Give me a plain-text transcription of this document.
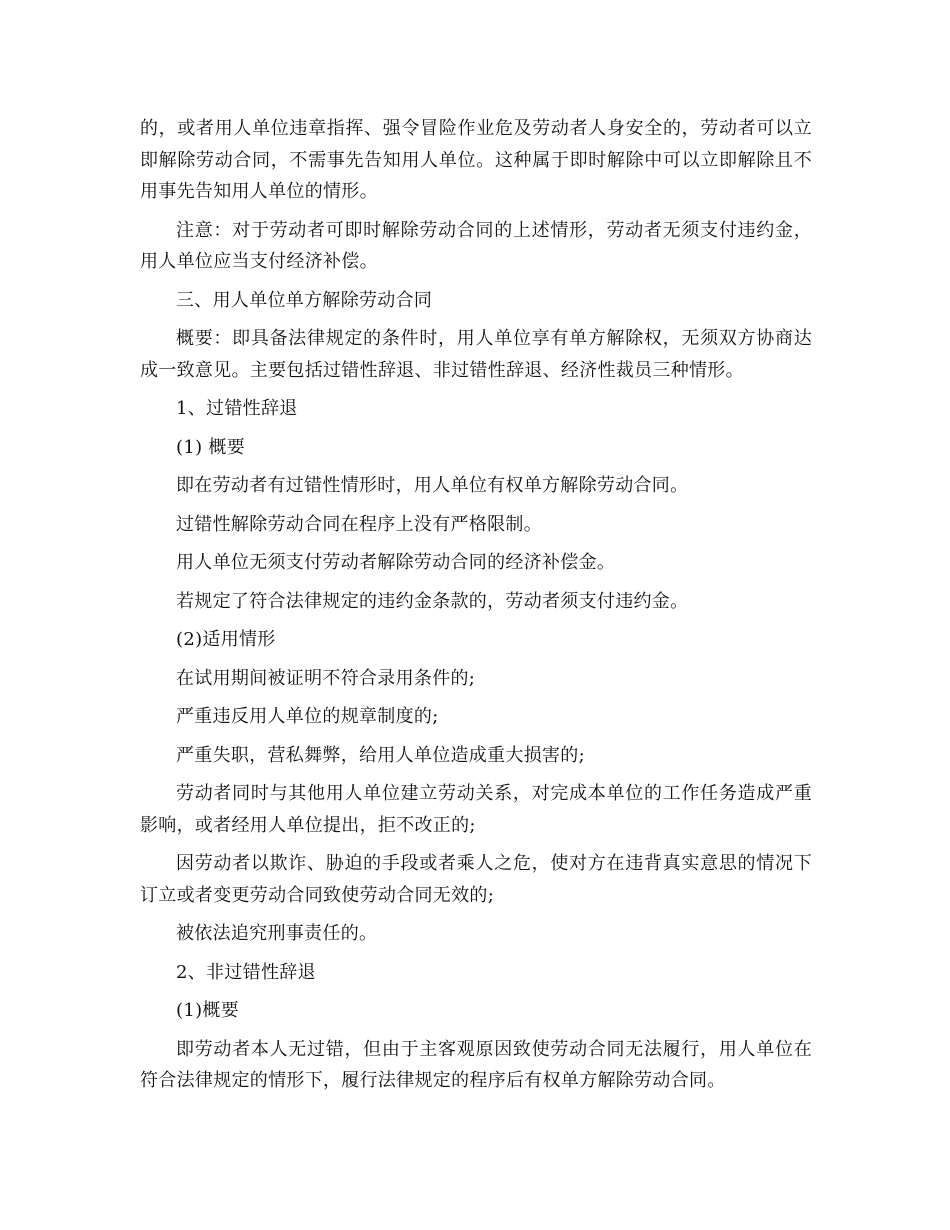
的，或者用人单位违章指挥、强令冒险作业危及劳动者人身安全的，劳动者可以立即解除劳动合同，不需事先告知用人单位。这种属于即时解除中可以立即解除且不用事先告知用人单位的情形。

注意：对于劳动者可即时解除劳动合同的上述情形，劳动者无须支付违约金，用人单位应当支付经济补偿。

三、用人单位单方解除劳动合同

概要：即具备法律规定的条件时，用人单位享有单方解除权，无须双方协商达成一致意见。主要包括过错性辞退、非过错性辞退、经济性裁员三种情形。

1、过错性辞退

(1) 概要

即在劳动者有过错性情形时，用人单位有权单方解除劳动合同。

过错性解除劳动合同在程序上没有严格限制。

用人单位无须支付劳动者解除劳动合同的经济补偿金。

若规定了符合法律规定的违约金条款的，劳动者须支付违约金。

(2)适用情形

在试用期间被证明不符合录用条件的;

严重违反用人单位的规章制度的;

严重失职，营私舞弊，给用人单位造成重大损害的;

劳动者同时与其他用人单位建立劳动关系，对完成本单位的工作任务造成严重影响，或者经用人单位提出，拒不改正的;

因劳动者以欺诈、胁迫的手段或者乘人之危，使对方在违背真实意思的情况下订立或者变更劳动合同致使劳动合同无效的;

被依法追究刑事责任的。

2、非过错性辞退

(1)概要

即劳动者本人无过错，但由于主客观原因致使劳动合同无法履行，用人单位在符合法律规定的情形下，履行法律规定的程序后有权单方解除劳动合同。
